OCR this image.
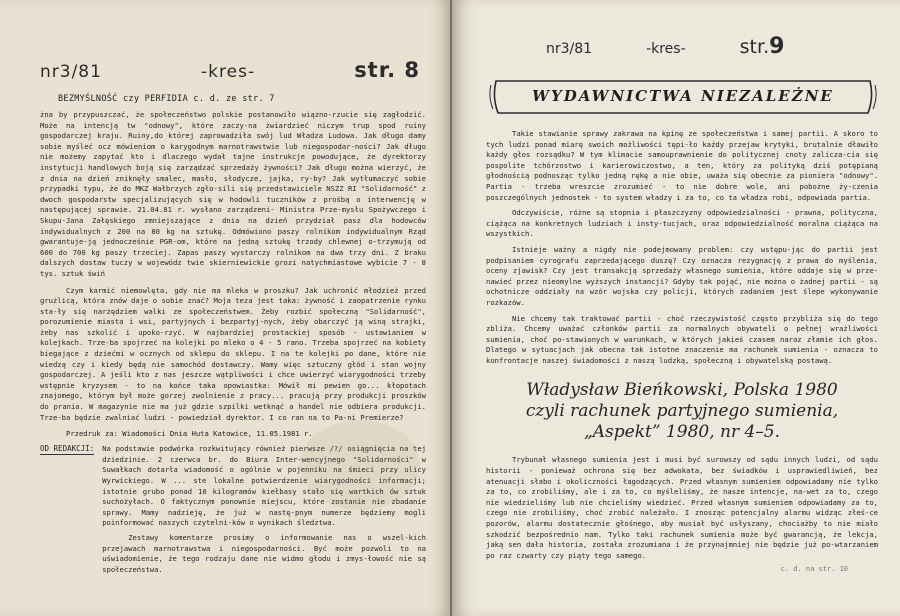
nr3/81	-kres-	str. 8
BEZMYŚLNOŚĆ czy PERFIDIA c. d. ze str. 7

żna by przypuszczać, że społeczeństwo polskie postanowiło wiązno-rzucie się zagłodzić. Może na intencją tw "odnowy", które zaczy-na żwiardzieć niczym trup spod ruiny gospodarczej kraju. Ruiny,do której zaprowadziła swój lud Władza Ludowa. Jak długo damy sobie myśleć ocz mówieniom o karygodnym marnotrawstwie lub niegospodar-ności? Jak długo nie możemy zapytać kto i dlaczego wydał tajne instrukcje powodujące, że dyrektorzy instytucji handlowych boją się zarządzać sprzedaży żywności? Jak długo możnа wierzyć, że z dnia na dzień zniknęły smalec, masło, słodycze, jajka, ry-by? Jak wytłumaczyć sobie przypadki typu, że do MKZ Wałbrzych zgło-sili się przedstawiciele NSZZ RI "Solidarność" z dwoch gospodarstw specjalizujących się w hodowli tuczników z prośbą o interwencję w następującej sprawie. 21.04.81 r. wysłano zarządzeni- Ministra Prze-mysłu Spożywczego i Skupu-Jana Załęskiego zmniejszające z dnia na dzień przydział pasz dla hodowców indywidualnych z 200 na 80 kg na sztukę. Odmówiono paszy rolnikom indywidualnym Rząd gwarantuje-ją jednocześnie PGR-om, które na jedną sztukę trzody chlewnej o-trzymują od 600 do 700 kg paszy trzeciej. Zapas paszy wystarczy rolnikom na dwa trzy dni. Z braku dalszych dostaw tuczy w wojewódz twie skierniewickie grozi natychmiastowe wybicie 7 - 8 tys. sztuk świń

Czym karmić niemowlęta, gdy nie ma mleka w proszku? Jak uchronić młodzież przed grużlicą, która znów daje o sobie znać? Moja teza jest taka: żywność i zaopatrzenie rynku sta-ły się narzędziem walki ze społeczeństwem. Żeby rozbić społeczną "Solidarność", porozumienie miasta i wsi, partyjnych i bezpartyj-nych, żeby obarczyć ją winą strajki, żeby nas szkolić i upoko-rzyć. W najbardziej prostackiej sposób - ustawianiem w kolejkach. Trze-ba spojrzeć na kolejki po mleko o 4 - 5 rano. Trzeba spojrzeć na kobiety biegające z dziećmi w ocznych od sklepu do sklepu. I na te kolejki po dane, które nie wiedzą czy i kiedy będą nie samochód dostawczy. Wamy więc sztuczny głód i stan wojny gospodarczej. A jeśli kto z nas jeszcze wątpliwości i chce uwierzyć wiarygodności trzeby wstępnie kryzysem - to na końce taka opowiastka: Mówił mi pewien go... kłopotach znajomego, którym był może gorzej zwolnienie z pracy... pracują przy produkcji proszków do prania. W magazynie nie ma już gdzie szpilki wetknąć a handel nie odbiera produkcji. Trze-ba będzie zwalniać ludzi - powiedział dyrektor. I co ran na to Pa-ni Premierze?

Przedruk za: Wiadomości Dnia Huta Katowice, 11.05.1981 r.
OD REDAKCJI: Na podstawie podwórka rozkwitujący również pierwsze /?/ osiągnięcia na tej dziedzinie. 2 czerwca br. do Biura Inter-wencyjnego "Solidarności" w Suwałkach dotarła wiadomość o ogólnie w pojenniku na śmieci przy ulicy Wyrwickiego. W ... ste lokalne potwierdzenie wiarygodności informacji; istotnie grubo ponad 10 kilogramów kiełbasy stało się wartkich ów sztuk suchożyłach. O faktycznym ponownie miejscu, które zostanie nie zbadanie sprawy. Mamy nadzieję, że już w nastę-pnym numerze będziemy mogli poinformować naszych czytelni-ków o wynikach śledztwa.

Zestawy komentarze prosimy o informowanie nas o wszel-kich przejawach marnotrawstwa i niegospodarności. Być może pozwoli to na uświadomienie, że tego rodzaju dane nie widmo głodu i zmys-łowość nie są społeczeństwa.

nr3/81	-kres-	str.9
WYDAWNICTWA NIEZALEŻNE

Takie stawianie sprawy zakrawa na kpinę ze społeczeństwa i samej partii. A skoro to tych ludzi ponad miarę swoich możliwości tępi-ło każdy przejaw krytyki, brutalnie dławiło każdy głos rozsądku? W tym klimacie samouprawnienie do politycznej cnoty zalicza-cia się pospolite tchórzostwo i karierowiczostwo, a ten, który za polityką dziś potępianą głodnością podnosząc tylko jedną rękę a nie obie, uważa się obecnie za pioniera "odnowy". Partia - trzeba wreszcie zrozumieć - to nie dobre wole, ani pobożne ży-czenia poszczególnych jednostek - to system władzy i za to, co ta władza robi, odpowiada partia.

Odczywiście, różne są stopnia i płaszczyzny odpowiedzialności - prawna, polityczna, ciążąca na konkretnych ludziach i insty-tucjach, oraz odpowiedzialność moralna ciążąca na wszystkich.

Istnieje ważny a nigdy nie podejmowany problem: czy wstępu-jąc do partii jest podpisaniem cyrografu zaprzedającego duszę? Czy oznacza rezygnację z prawa do myślenia, oceny zjawisk? Czy jest transakcją sprzedaży własnego sumienia, które oddaje się w prze-nawieć przez nieomylne wyższych instancji? Gdyby tak pojąć, nie można o żadnej partii - są ochotnicze oddziały na wzór wojska czy policji, których zadaniem jest ślepe wykonywanie rozkazów.

Nie chcemy tak traktować partii - choć rzeczywistość często przybliża się do tego zbliża. Chcemy uważać członków partii za normalnych obywateli o pełnej wrażliwości sumienia, choć po-stawionych w warunkach, w których jakieś czasem naraz złamie ich głos. Dlatego w sytuacjach jak obecna tak istotne znaczenie ma rachunek sumienia - oznacza to konfrontacje naszej świadomości z naszą ludzką, społeczną i obywatelską postawą.

Władysław Bieńkowski, Polska 1980
czyli rachunek partyjnego sumienia,
„Aspekt” 1980, nr 4–5.

Trybunał własnego sumienia jest i musi być surowszy od sądu innych ludzi, od sądu historii - ponieważ ochrona się bez adwokata, bez świadków i usprawiedliwień, bez atenuacji słabo i okoliczności łagodzących. Przed własnym sumieniem odpowiadamy nie tylko za to, co zrobiliśmy, ale i za to, co myśleliśmy, że nasze intencje, na-wet za to, czego nie wiedzieliśmy lub nie chcieliśmy wiedzieć. Przed własnym sumieniem odpowiadamy za to, czego nie zrobiliśmy, choć zrobić należało. I znosząc potencjalny alarmu widząc złeś-ce pozorów, alarmu dostatecznie głośnego, aby musiał być usłyszany, chociażby to nie miało szkodzić bezpośrednio nam. Tylko taki rachunek sumienia może być gwarancją, że lekcja, jaką sen dała historia, została zrozumiana i że przynajmniej nie będzie już po-wtarzaniem po raz czwarty czy piąty tego samego.

c. d. na str. 10
